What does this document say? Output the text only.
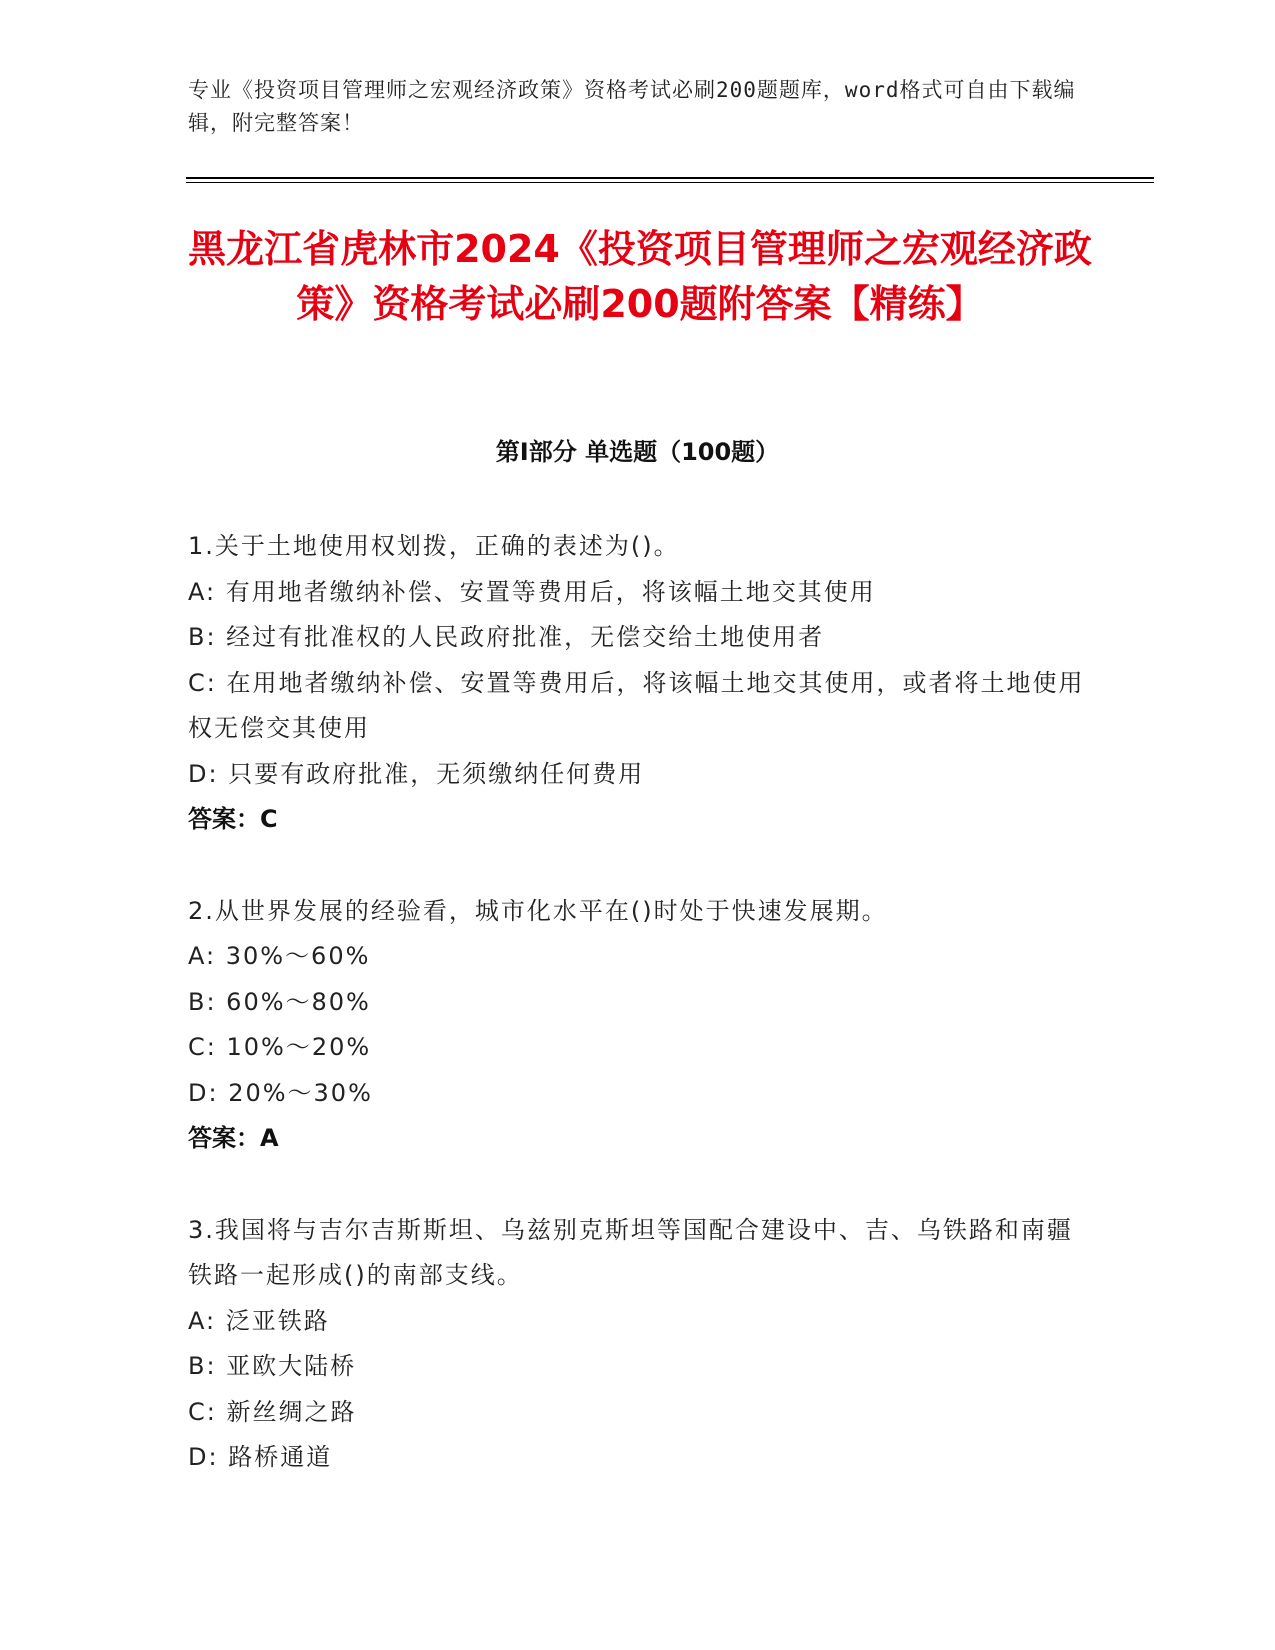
专业《投资项目管理师之宏观经济政策》资格考试必刷200题题库，word格式可自由下载编辑，附完整答案！
黑龙江省虎林市2024《投资项目管理师之宏观经济政策》资格考试必刷200题附答案【精练】
第I部分 单选题（100题）
1.关于土地使用权划拨，正确的表述为()。
A: 有用地者缴纳补偿、安置等费用后，将该幅土地交其使用
B: 经过有批准权的人民政府批准，无偿交给土地使用者
C: 在用地者缴纳补偿、安置等费用后，将该幅土地交其使用，或者将土地使用权无偿交其使用
D: 只要有政府批准，无须缴纳任何费用
答案：C
2.从世界发展的经验看，城市化水平在()时处于快速发展期。
A: 30%～60%
B: 60%～80%
C: 10%～20%
D: 20%～30%
答案：A
3.我国将与吉尔吉斯斯坦、乌兹别克斯坦等国配合建设中、吉、乌铁路和南疆铁路一起形成()的南部支线。
A: 泛亚铁路
B: 亚欧大陆桥
C: 新丝绸之路
D: 路桥通道
